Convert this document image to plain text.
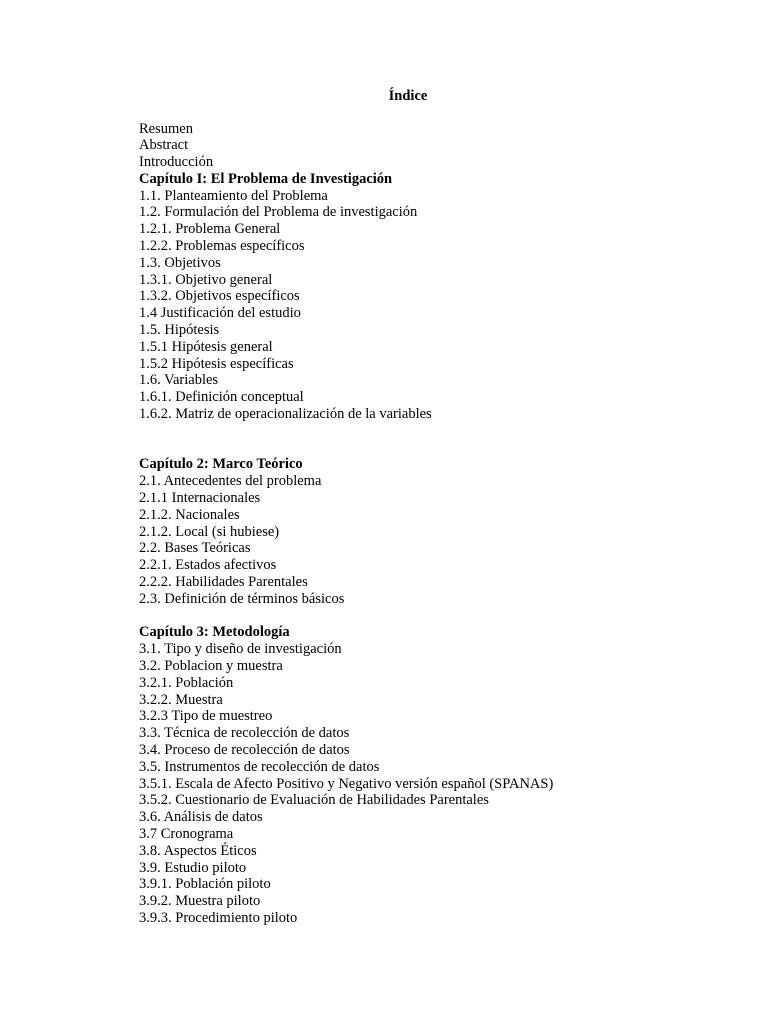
Índice
Resumen
Abstract
Introducción
Capítulo I: El Problema de Investigación
1.1. Planteamiento del Problema
1.2. Formulación del Problema de investigación
1.2.1. Problema General
1.2.2. Problemas específicos
1.3. Objetivos
1.3.1. Objetivo general
1.3.2. Objetivos específicos
1.4 Justificación del estudio
1.5. Hipótesis
1.5.1 Hipótesis general
1.5.2 Hipótesis específicas
1.6. Variables
1.6.1. Definición conceptual
1.6.2. Matriz de operacionalización de la variables
Capítulo 2: Marco Teórico
2.1. Antecedentes del problema
2.1.1 Internacionales
2.1.2. Nacionales
2.1.2. Local (si hubiese)
2.2. Bases Teóricas
2.2.1. Estados afectivos
2.2.2. Habilidades Parentales
2.3. Definición de términos básicos
Capítulo 3: Metodología
3.1. Tipo y diseño de investigación
3.2. Poblacion y muestra
3.2.1. Población
3.2.2. Muestra
3.2.3 Tipo de muestreo
3.3. Técnica de recolección de datos
3.4. Proceso de recolección de datos
3.5. Instrumentos de recolección de datos
3.5.1. Escala de Afecto Positivo y Negativo versión español (SPANAS)
3.5.2. Cuestionario de Evaluación de Habilidades Parentales
3.6. Análisis de datos
3.7 Cronograma
3.8. Aspectos Éticos
3.9. Estudio piloto
3.9.1. Población piloto
3.9.2. Muestra piloto
3.9.3. Procedimiento piloto
